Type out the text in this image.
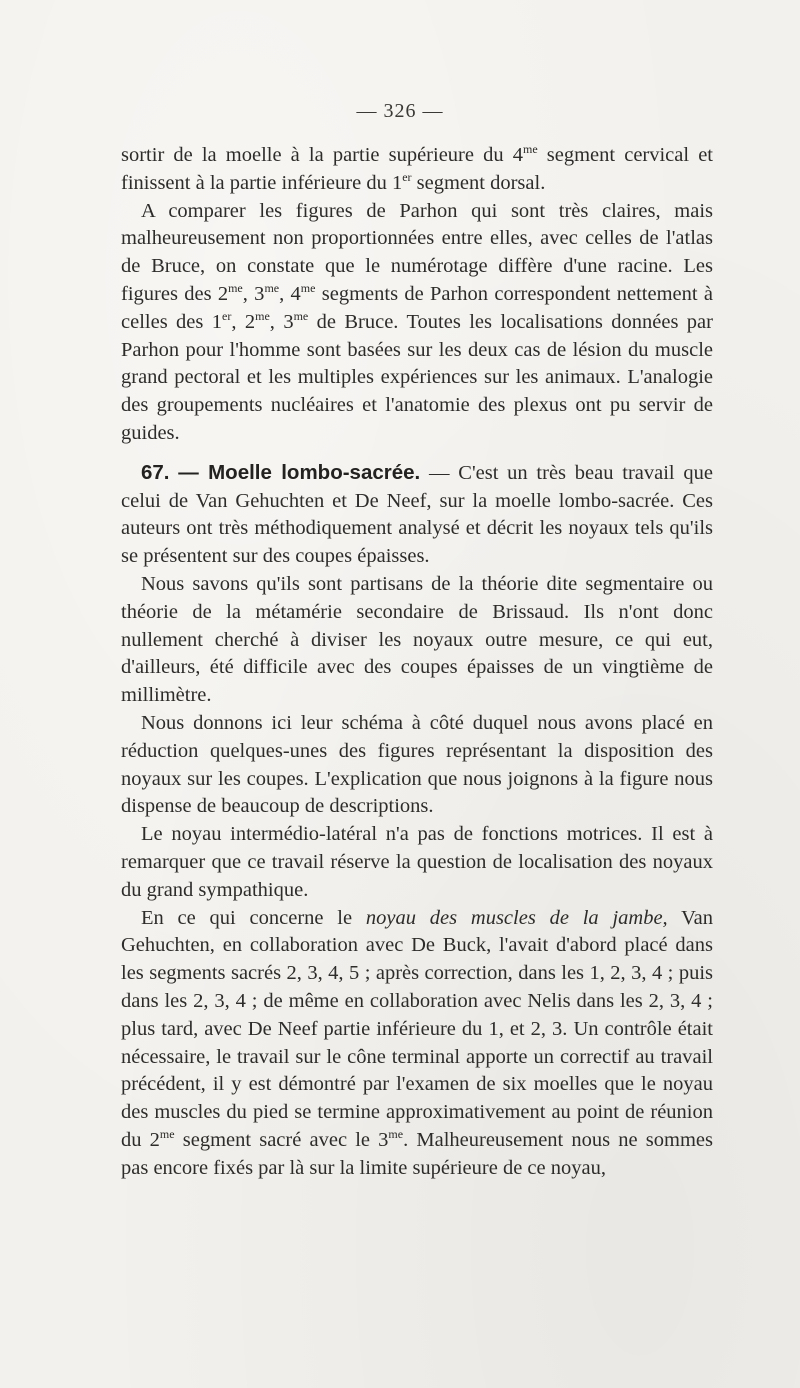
— 326 —

sortir de la moelle à la partie supérieure du $4^{me}$ segment cervical et finissent à la partie inférieure du 1er segment dorsal.

A comparer les figures de Parhon qui sont très claires, mais malheureusement non proportionnées entre elles, avec celles de l'atlas de Bruce, on constate que le numérotage diffère d'une racine. Les figures des $2^{me}$, $3^{me}$, $4^{me}$ segments de Parhon correspondent nettement à celles des 1er, $2^{me}$, $3^{me}$ de Bruce. Toutes les localisations données par Parhon pour l'homme sont basées sur les deux cas de lésion du muscle grand pectoral et les multiples expériences sur les animaux. L'analogie des groupements nucléaires et l'anatomie des plexus ont pu servir de guides.

67. — Moelle lombo-sacrée. — C'est un très beau travail que celui de Van Gehuchten et De Neef, sur la moelle lombo-sacrée. Ces auteurs ont très méthodiquement analysé et décrit les noyaux tels qu'ils se présentent sur des coupes épaisses.

Nous savons qu'ils sont partisans de la théorie dite segmentaire ou théorie de la métamérie secondaire de Brissaud. Ils n'ont donc nullement cherché à diviser les noyaux outre mesure, ce qui eut, d'ailleurs, été difficile avec des coupes épaisses de un vingtième de millimètre.

Nous donnons ici leur schéma à côté duquel nous avons placé en réduction quelques-unes des figures représentant la disposition des noyaux sur les coupes. L'explication que nous joignons à la figure nous dispense de beaucoup de descriptions.

Le noyau intermédio-latéral n'a pas de fonctions motrices. Il est à remarquer que ce travail réserve la question de localisation des noyaux du grand sympathique.

En ce qui concerne le noyau des muscles de la jambe, Van Gehuchten, en collaboration avec De Buck, l'avait d'abord placé dans les segments sacrés 2, 3, 4, 5 ; après correction, dans les 1, 2, 3, 4 ; puis dans les 2, 3, 4 ; de même en collaboration avec Nelis dans les 2, 3, 4 ; plus tard, avec De Neef partie inférieure du 1, et 2, 3. Un contrôle était nécessaire, le travail sur le cône terminal apporte un correctif au travail précédent, il y est démontré par l'examen de six moelles que le noyau des muscles du pied se termine approximativement au point de réunion du $2^{me}$ segment sacré avec le $3^{me}$. Malheureusement nous ne sommes pas encore fixés par là sur la limite supérieure de ce noyau,
